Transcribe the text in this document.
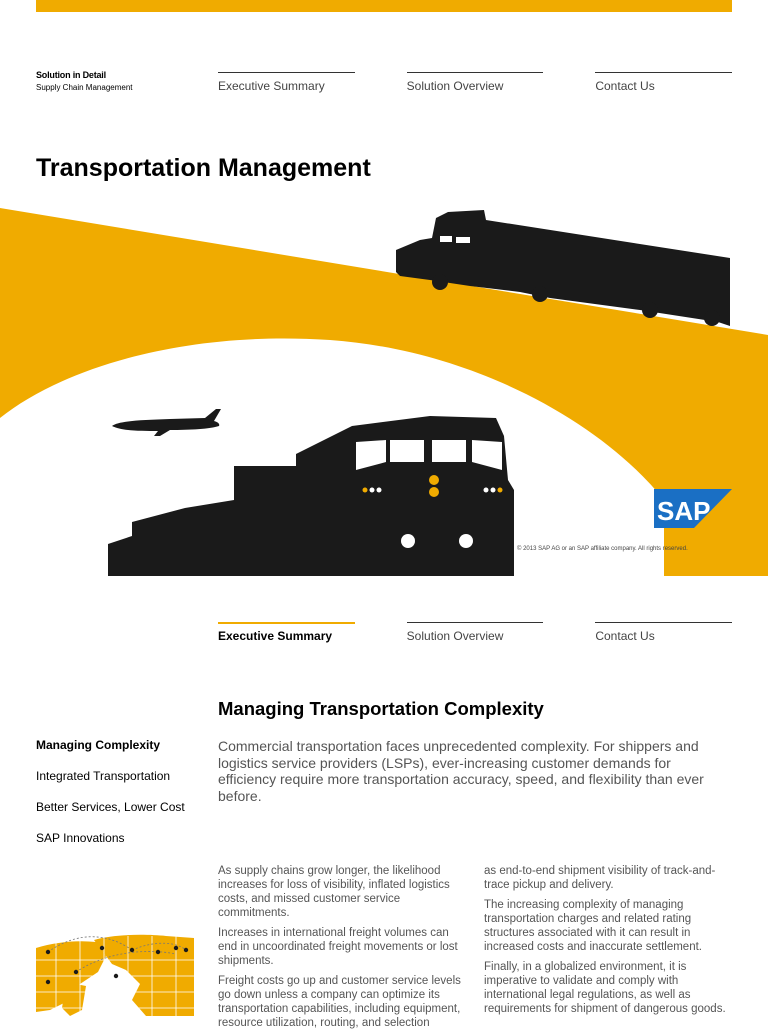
Solution in Detail
Supply Chain Management	Executive Summary	Solution Overview	Contact Us
Transportation Management
SAP
© 2013 SAP AG or an SAP affiliate company. All rights reserved.
Executive Summary	Solution Overview	Contact Us
Managing Transportation Complexity
Managing Complexity
Integrated Transportation
Better Services, Lower Cost
SAP Innovations

Commercial transportation faces unprecedented complexity. For shippers and logistics service providers (LSPs), ever-increasing customer demands for efficiency require more transportation accuracy, speed, and flexibility than ever before.

As supply chains grow longer, the likelihood increases for loss of visibility, inflated logistics costs, and missed customer service commitments.

Increases in international freight volumes can end in uncoordinated freight movements or lost shipments.

Freight costs go up and customer service levels go down unless a company can optimize its transportation capabilities, including equipment, resource utilization, routing, and selection

as end-to-end shipment visibility of track-and-trace pickup and delivery.

The increasing complexity of managing transportation charges and related rating structures associated with it can result in increased costs and inaccurate settlement.

Finally, in a globalized environment, it is imperative to validate and comply with international legal regulations, as well as requirements for shipment of dangerous goods.
